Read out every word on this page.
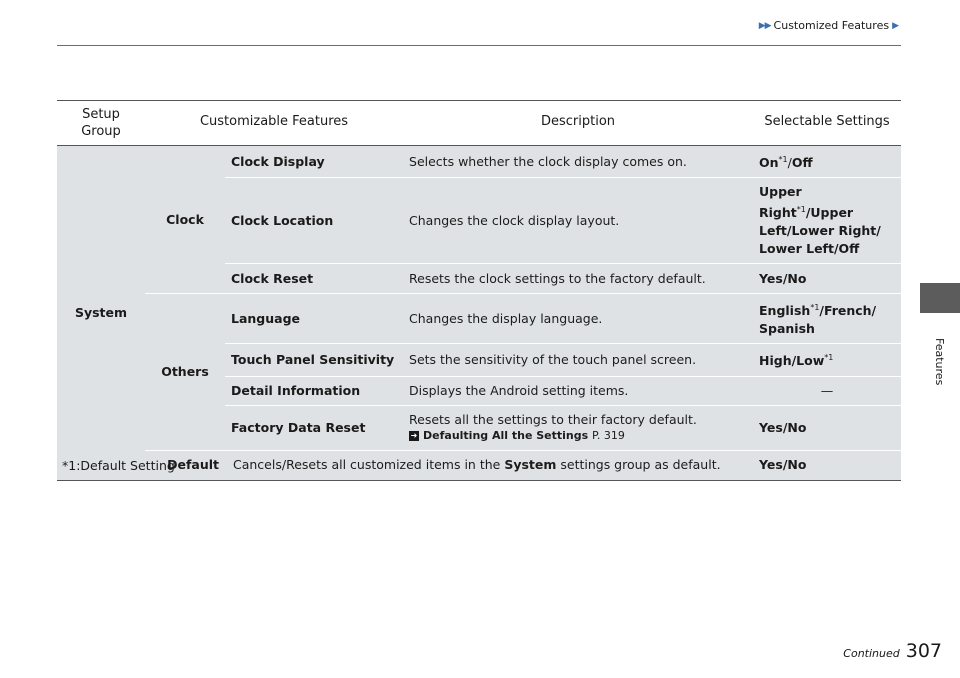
▶▶ Customized Features ▶
Features
Setup Group	Customizable Features		Description	Selectable Settings
System	Clock	Clock Display	Selects whether the clock display comes on.	On$^{*1}$/Off
		Clock Location	Changes the clock display layout.	Upper Right$^{*1}$/Upper Left/Lower Right/ Lower Left/Off
		Clock Reset	Resets the clock settings to the factory default.	Yes/No
	Others	Language	Changes the display language.	English$^{*1}$/French/ Spanish
		Touch Panel Sensitivity	Sets the sensitivity of the touch panel screen.	High/Low$^{*1}$
		Detail Information	Displays the Android setting items.	—
		Factory Data Reset	Resets all the settings to their factory default.
➜ Defaulting All the Settings P. 319	Yes/No
	Default	Cancels/Resets all customized items in the System settings group as default.		Yes/No
*1:Default Setting
Continued 307
